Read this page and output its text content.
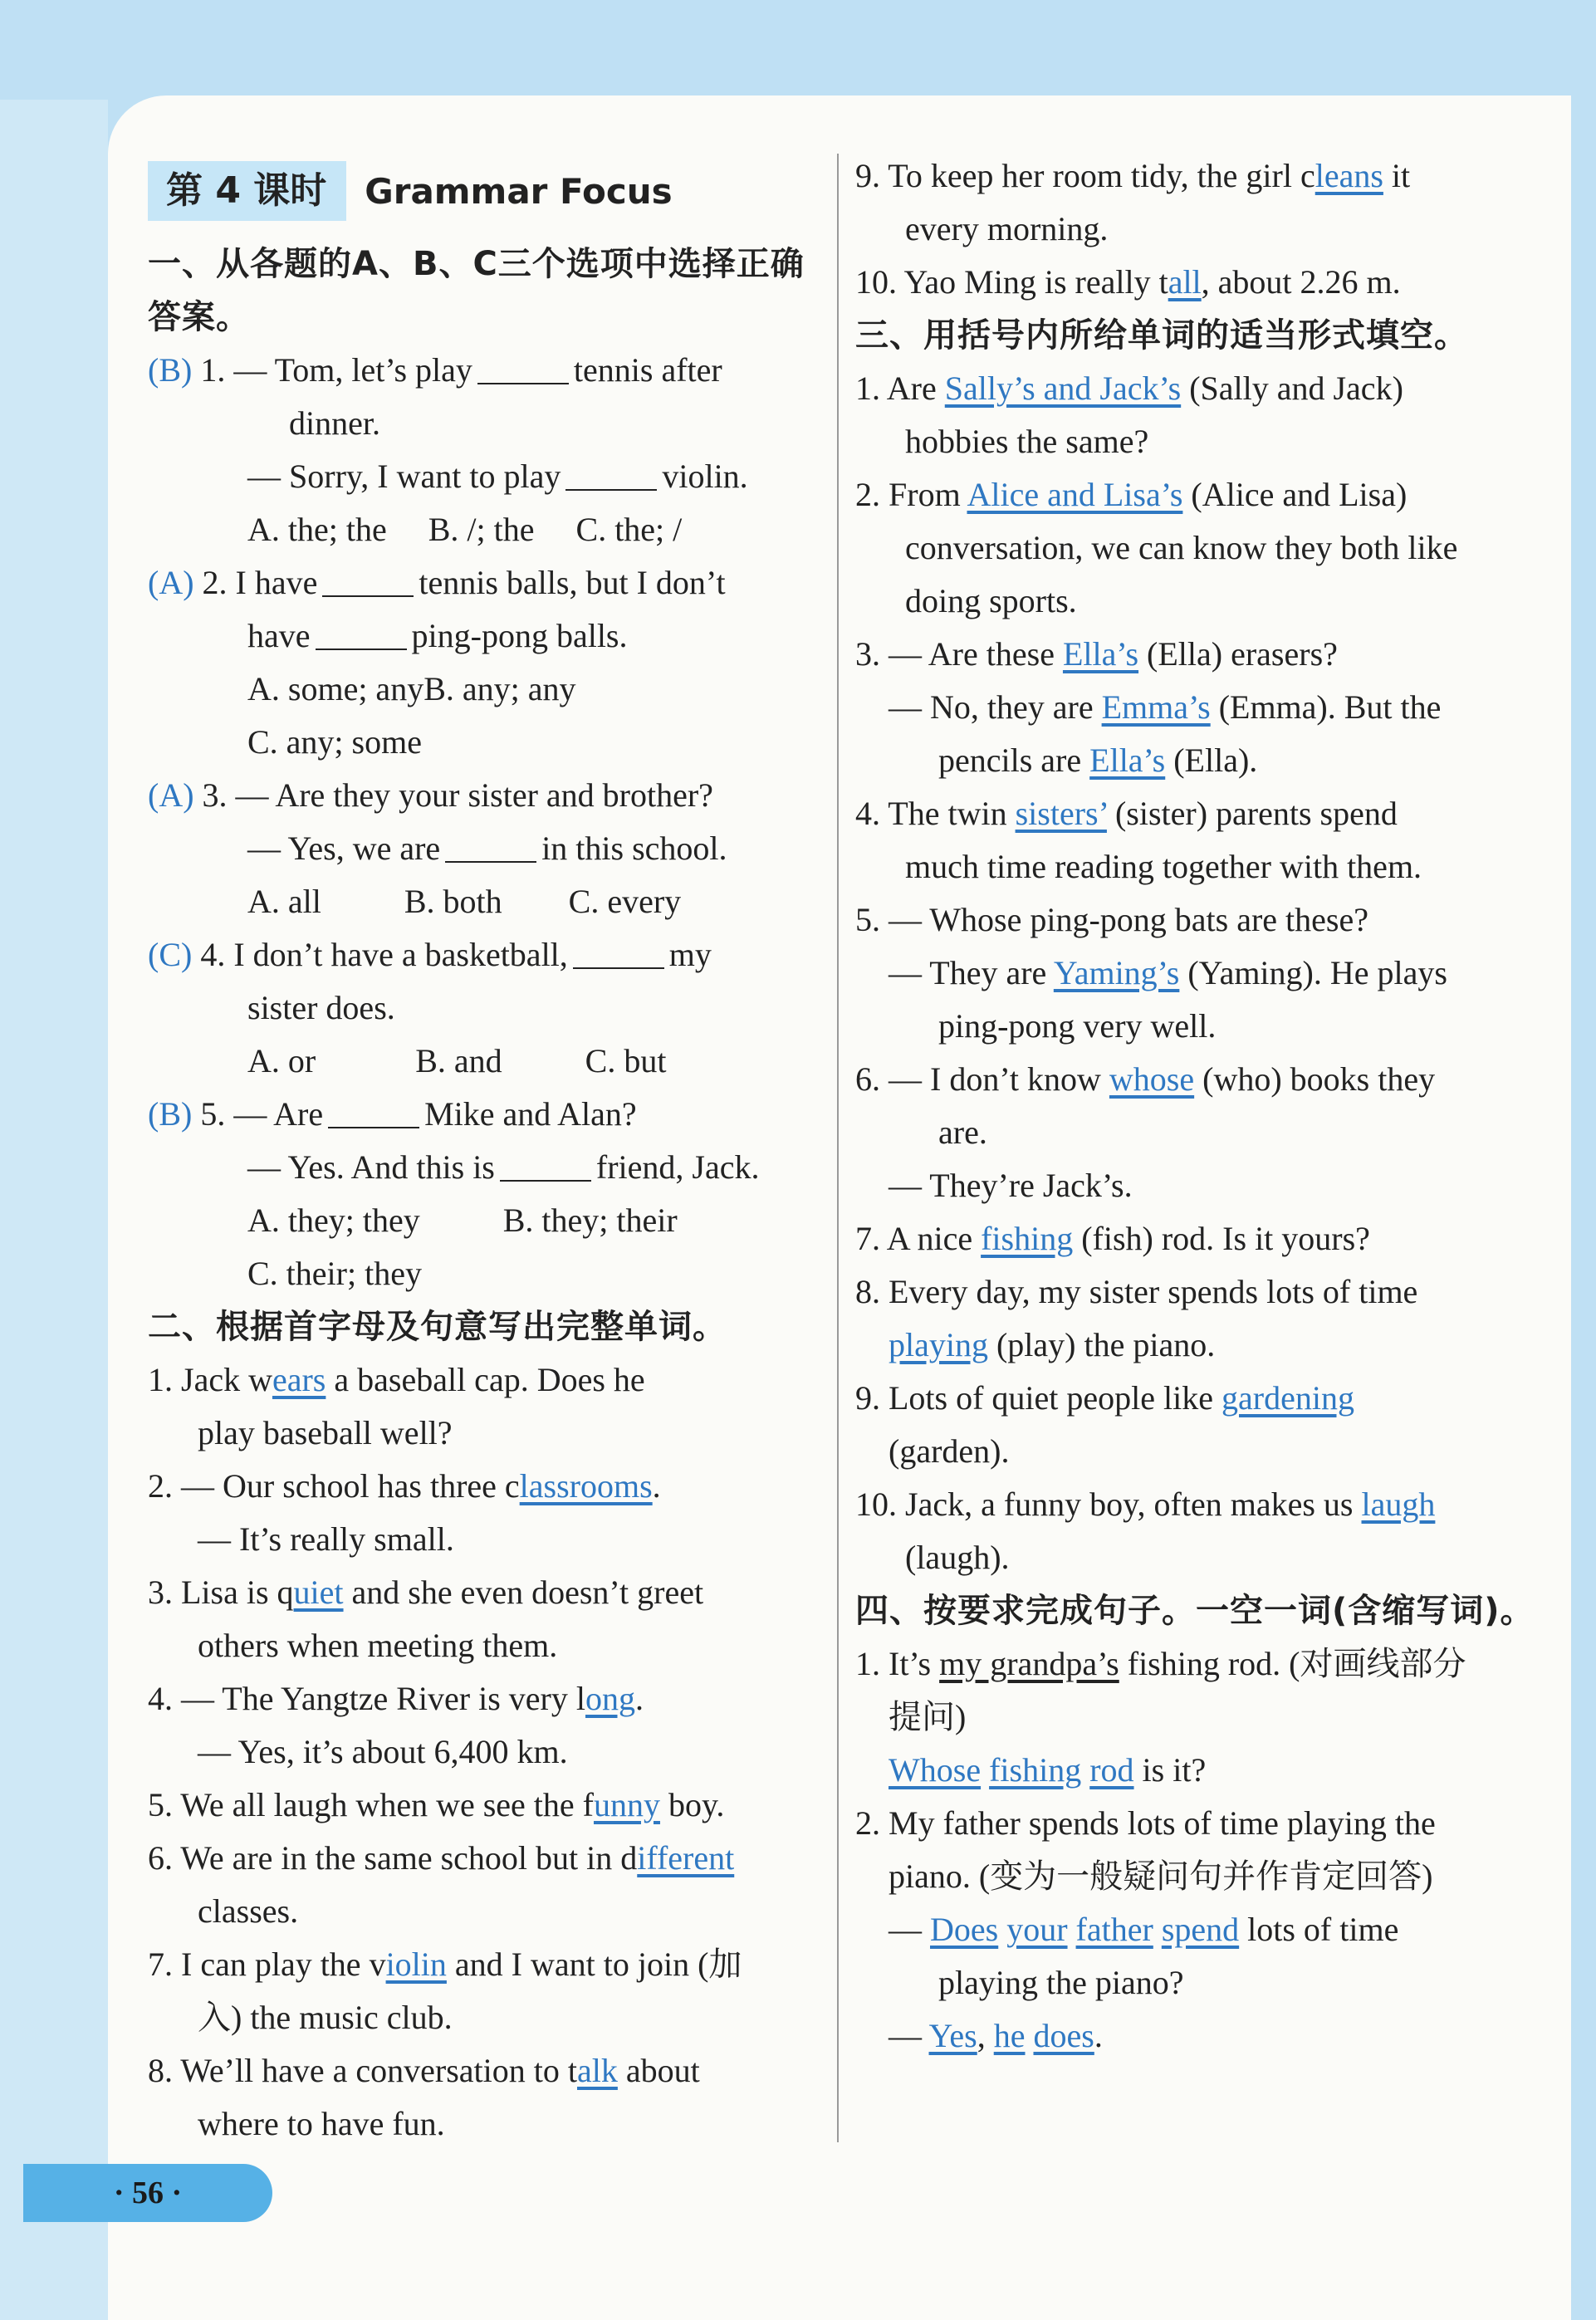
第 4 课时	Grammar Focus
一、从各题的A、B、C三个选项中选择正确
答案。
(B) 1. — Tom, let’s play	tennis after
dinner.
— Sorry, I want to play	violin.
A. the; the     B. /; the     C. the; /
(A) 2. I have	tennis balls, but I don’t
have	ping-pong balls.
A. some; anyB. any; any
C. any; some
(A) 3. — Are they your sister and brother?
— Yes, we are	in this school.
A. all          B. both        C. every
(C) 4. I don’t have a basketball,	my
sister does.
A. or            B. and          C. but
(B) 5. — Are	Mike and Alan?
— Yes. And this is	friend, Jack.
A. they; they          B. they; their
C. their; they
二、根据首字母及句意写出完整单词。
1. Jack wears a baseball cap. Does he
play baseball well?
2. — Our school has three classrooms.
— It’s really small.
3. Lisa is quiet and she even doesn’t greet
others when meeting them.
4. — The Yangtze River is very long.
— Yes, it’s about 6,400 km.
5. We all laugh when we see the funny boy.
6. We are in the same school but in different
classes.
7. I can play the violin and I want to join (加
入) the music club.
8. We’ll have a conversation to talk about
where to have fun.
9. To keep her room tidy, the girl cleans it
every morning.
10. Yao Ming is really tall, about 2.26 m.
三、用括号内所给单词的适当形式填空。
1. Are Sally’s and Jack’s (Sally and Jack)
hobbies the same?
2. From Alice and Lisa’s (Alice and Lisa)
conversation, we can know they both like
doing sports.
3. — Are these Ella’s (Ella) erasers?
— No, they are Emma’s (Emma). But the
pencils are Ella’s (Ella).
4. The twin sisters’ (sister) parents spend
much time reading together with them.
5. — Whose ping-pong bats are these?
— They are Yaming’s (Yaming). He plays
ping-pong very well.
6. — I don’t know whose (who) books they
are.
— They’re Jack’s.
7. A nice fishing (fish) rod. Is it yours?
8. Every day, my sister spends lots of time
playing (play) the piano.
9. Lots of quiet people like gardening
(garden).
10. Jack, a funny boy, often makes us laugh
(laugh).
四、按要求完成句子。一空一词(含缩写词)。
1. It’s my grandpa’s fishing rod. (对画线部分
提问)
Whose fishing rod is it?
2. My father spends lots of time playing the
piano. (变为一般疑问句并作肯定回答)
— Does your father spend lots of time
playing the piano?
— Yes, he does.
· 56 ·
